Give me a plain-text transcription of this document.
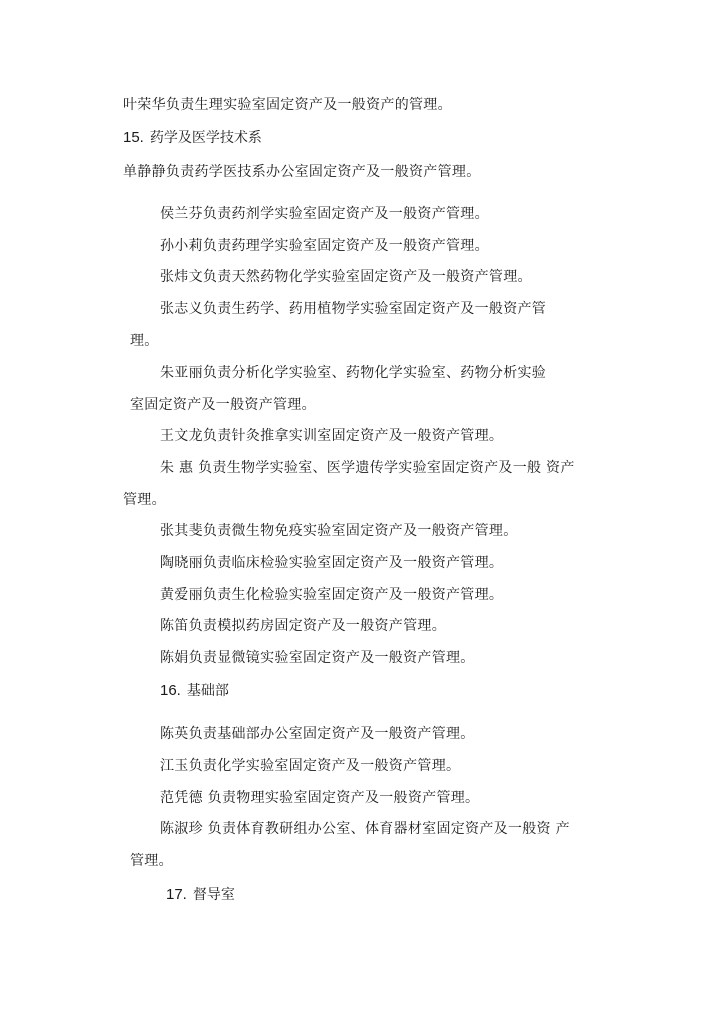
叶荣华负责生理实验室固定资产及一般资产的管理。
15. 药学及医学技术系
单静静负责药学医技系办公室固定资产及一般资产管理。
侯兰芬负责药剂学实验室固定资产及一般资产管理。
孙小莉负责药理学实验室固定资产及一般资产管理。
张炜文负责天然药物化学实验室固定资产及一般资产管理。
张志义负责生药学、药用植物学实验室固定资产及一般资产管
理。
朱亚丽负责分析化学实验室、药物化学实验室、药物分析实验
室固定资产及一般资产管理。
王文龙负责针灸推拿实训室固定资产及一般资产管理。
朱 惠 负责生物学实验室、医学遗传学实验室固定资产及一般 资产
管理。
张其斐负责微生物免疫实验室固定资产及一般资产管理。
陶晓丽负责临床检验实验室固定资产及一般资产管理。
黄爱丽负责生化检验实验室固定资产及一般资产管理。
陈笛负责模拟药房固定资产及一般资产管理。
陈娟负责显微镜实验室固定资产及一般资产管理。
16. 基础部
陈英负责基础部办公室固定资产及一般资产管理。
江玉负责化学实验室固定资产及一般资产管理。
范凭德 负责物理实验室固定资产及一般资产管理。
陈淑珍 负责体育教研组办公室、体育器材室固定资产及一般资 产
管理。
17. 督导室
